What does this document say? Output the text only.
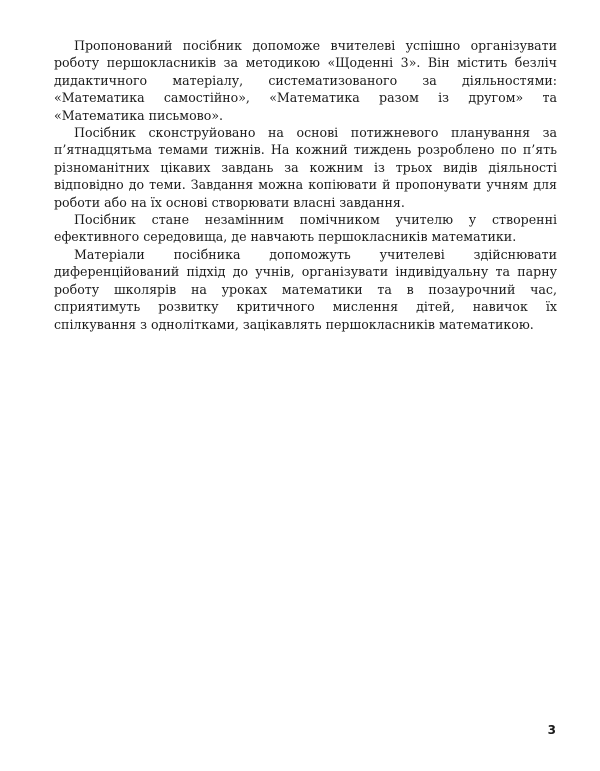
Пропонований посібник допоможе вчителеві успішно організувати роботу першокласників за методикою «Щоденні 3». Він містить безліч дидактичного матеріалу, систематизованого за діяльностями: «Математика самостійно», «Математика разом із другом» та «Математика письмово».

Посібник сконструйовано на основі потижневого планування за п’ятнадцятьма темами тижнів. На кожний тиждень розроблено по п’ять різноманітних цікавих завдань за кожним із трьох видів діяльності відповідно до теми. Завдання можна копіювати й пропонувати учням для роботи або на їх основі створювати власні завдання.

Посібник стане незамінним помічником учителю у створенні ефективного середовища, де навчають першокласників математики.

Матеріали посібника допоможуть учителеві здійснювати диференційований підхід до учнів, організувати індивідуальну та парну роботу школярів на уроках математики та в позаурочний час, сприятимуть розвитку критичного мислення дітей, навичок їх спілкування з однолітками, зацікавлять першокласників математикою.

3
